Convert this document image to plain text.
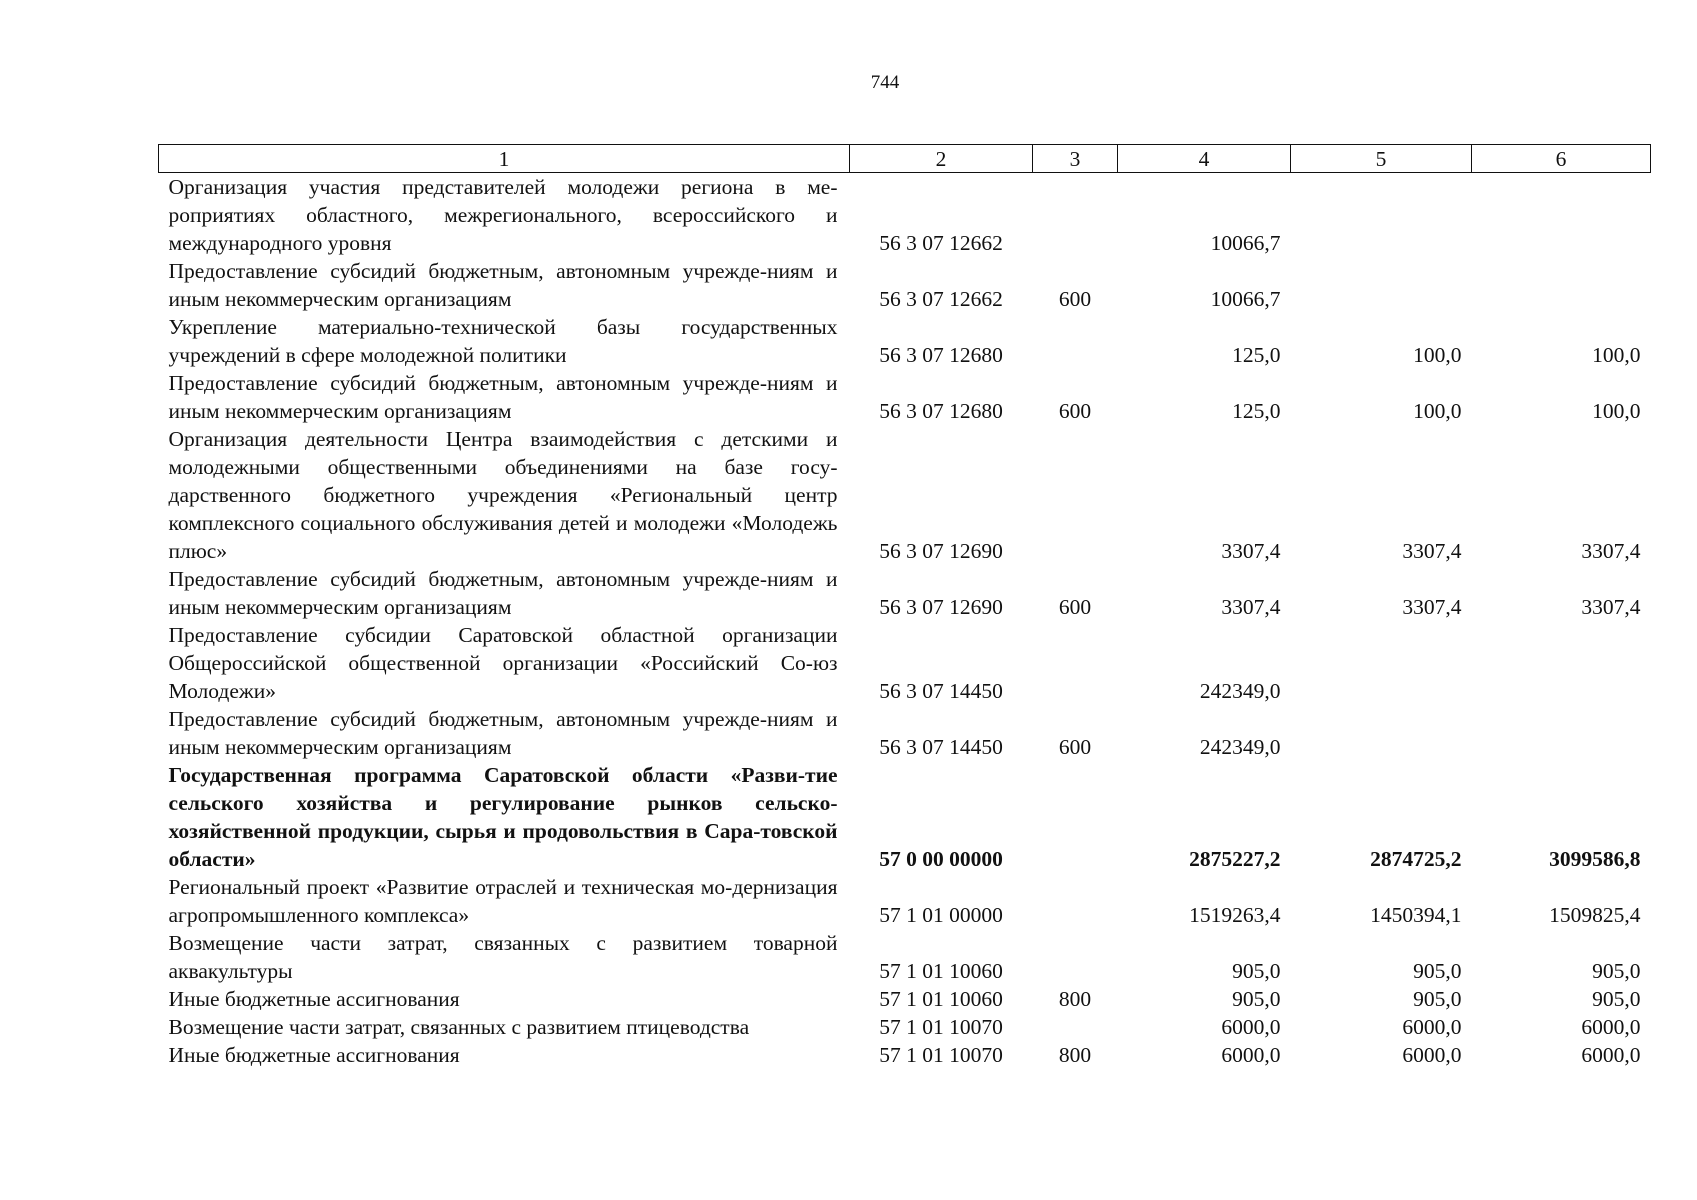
744
1	2	3	4	5	6
Организация участия представителей молодежи региона в ме-роприятиях областного, межрегионального, всероссийского и международного уровня	56 3 07 12662		10066,7		
Предоставление субсидий бюджетным, автономным учрежде-ниям и иным некоммерческим организациям	56 3 07 12662	600	10066,7		
Укрепление материально-технической базы государственных учреждений в сфере молодежной политики	56 3 07 12680		125,0	100,0	100,0
Предоставление субсидий бюджетным, автономным учрежде-ниям и иным некоммерческим организациям	56 3 07 12680	600	125,0	100,0	100,0
Организация деятельности Центра взаимодействия с детскими и молодежными общественными объединениями на базе госу-дарственного бюджетного учреждения «Региональный центр комплексного социального обслуживания детей и молодежи «Молодежь плюс»	56 3 07 12690		3307,4	3307,4	3307,4
Предоставление субсидий бюджетным, автономным учрежде-ниям и иным некоммерческим организациям	56 3 07 12690	600	3307,4	3307,4	3307,4
Предоставление субсидии Саратовской областной организации Общероссийской общественной организации «Российский Со-юз Молодежи»	56 3 07 14450		242349,0		
Предоставление субсидий бюджетным, автономным учрежде-ниям и иным некоммерческим организациям	56 3 07 14450	600	242349,0		
Государственная программа Саратовской области «Разви-тие сельского хозяйства и регулирование рынков сельско-хозяйственной продукции, сырья и продовольствия в Сара-товской области»	57 0 00 00000		2875227,2	2874725,2	3099586,8
Региональный проект «Развитие отраслей и техническая мо-дернизация агропромышленного комплекса»	57 1 01 00000		1519263,4	1450394,1	1509825,4
Возмещение части затрат, связанных с развитием товарной аквакультуры	57 1 01 10060		905,0	905,0	905,0
Иные бюджетные ассигнования	57 1 01 10060	800	905,0	905,0	905,0
Возмещение части затрат, связанных с развитием птицеводства	57 1 01 10070		6000,0	6000,0	6000,0
Иные бюджетные ассигнования	57 1 01 10070	800	6000,0	6000,0	6000,0
